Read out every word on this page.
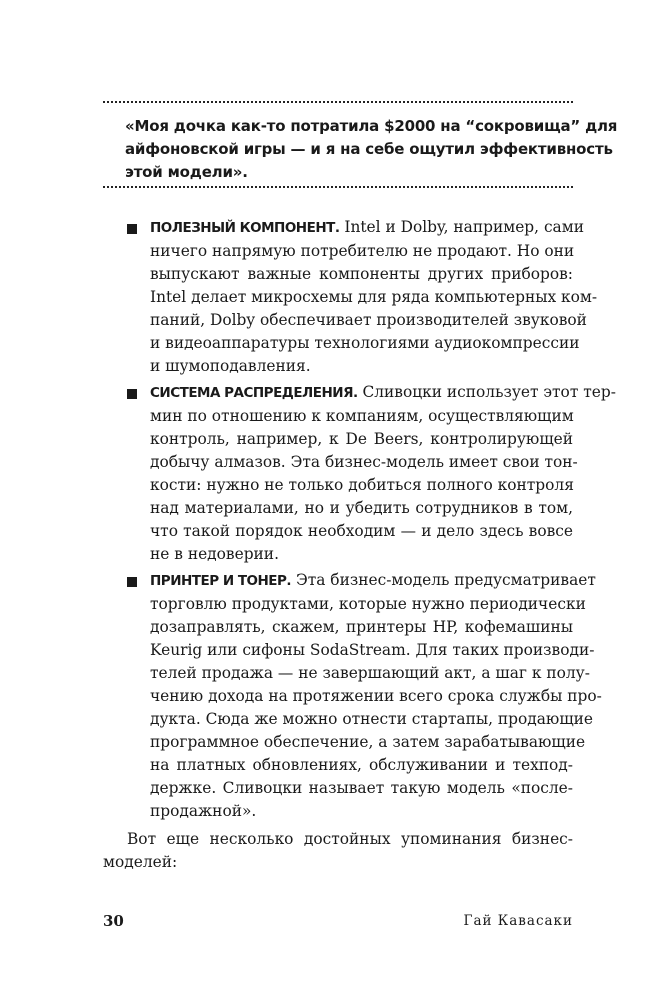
«Моя дочка как-то потратила $2000 на “сокровища” для
айфоновской игры — и я на себе ощутил эффективность
этой модели».
ПОЛЕЗНЫЙ КОМПОНЕНТ. Intel и Dolby, например, сами
ничего напрямую потребителю не продают. Но они
выпускают важные компоненты других приборов:
Intel делает микросхемы для ряда компьютерных ком-
паний, Dolby обеспечивает производителей звуковой
и видеоаппаратуры технологиями аудиокомпрессии
и шумоподавления.
СИСТЕМА РАСПРЕДЕЛЕНИЯ. Сливоцки использует этот тер-
мин по отношению к компаниям, осуществляющим
контроль, например, к De Beers, контролирующей
добычу алмазов. Эта бизнес-модель имеет свои тон-
кости: нужно не только добиться полного контроля
над материалами, но и убедить сотрудников в том,
что такой порядок необходим — и дело здесь вовсе
не в недоверии.
ПРИНТЕР И ТОНЕР. Эта бизнес-модель предусматривает
торговлю продуктами, которые нужно периодически
дозаправлять, скажем, принтеры HP, кофемашины
Keurig или сифоны SodaStream. Для таких производи-
телей продажа — не завершающий акт, а шаг к полу-
чению дохода на протяжении всего срока службы про-
дукта. Сюда же можно отнести стартапы, продающие
программное обеспечение, а затем зарабатывающие
на платных обновлениях, обслуживании и техпод-
держке. Сливоцки называет такую модель «после-
продажной».
Вот еще несколько достойных упоминания бизнес-
моделей:
30	Гай Кавасаки
